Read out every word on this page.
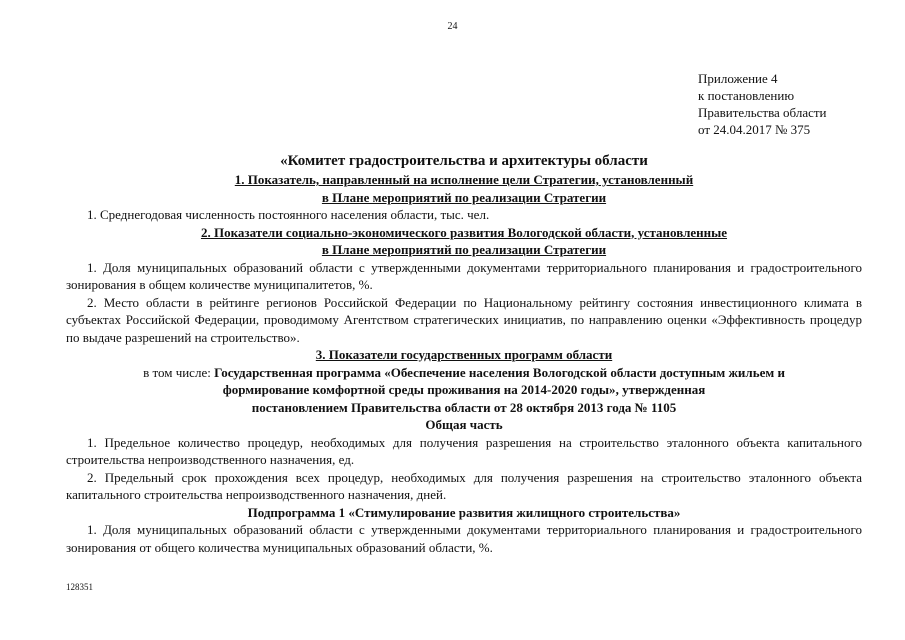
24
Приложение 4
к постановлению
Правительства области
от 24.04.2017 № 375
«Комитет градостроительства и архитектуры области
1. Показатель, направленный на исполнение цели Стратегии, установленный
в Плане мероприятий по реализации Стратегии
1. Среднегодовая численность постоянного населения области, тыс. чел.
2. Показатели социально-экономического развития Вологодской области, установленные
в Плане мероприятий по реализации Стратегии
1. Доля муниципальных образований области с утвержденными документами территориального планирования и градостроительного зонирования в общем количестве муниципалитетов, %.
2. Место области в рейтинге регионов Российской Федерации по Национальному рейтингу состояния инвестиционного климата в субъектах Российской Федерации, проводимому Агентством стратегических инициатив, по направлению оценки «Эффективность процедур по выдаче разрешений на строительство».
3. Показатели государственных программ области
в том числе: Государственная программа «Обеспечение населения Вологодской области доступным жильем и
формирование комфортной среды проживания на 2014-2020 годы», утвержденная
постановлением Правительства области от 28 октября 2013 года № 1105
Общая часть
1. Предельное количество процедур, необходимых для получения разрешения на строительство эталонного объекта капитального строительства непроизводственного назначения, ед.
2. Предельный срок прохождения всех процедур, необходимых для получения разрешения на строительство эталонного объекта капитального строительства непроизводственного назначения, дней.
Подпрограмма 1 «Стимулирование развития жилищного строительства»
1. Доля муниципальных образований области с утвержденными документами территориального планирования и градостроительного зонирования от общего количества муниципальных образований области, %.
128351
